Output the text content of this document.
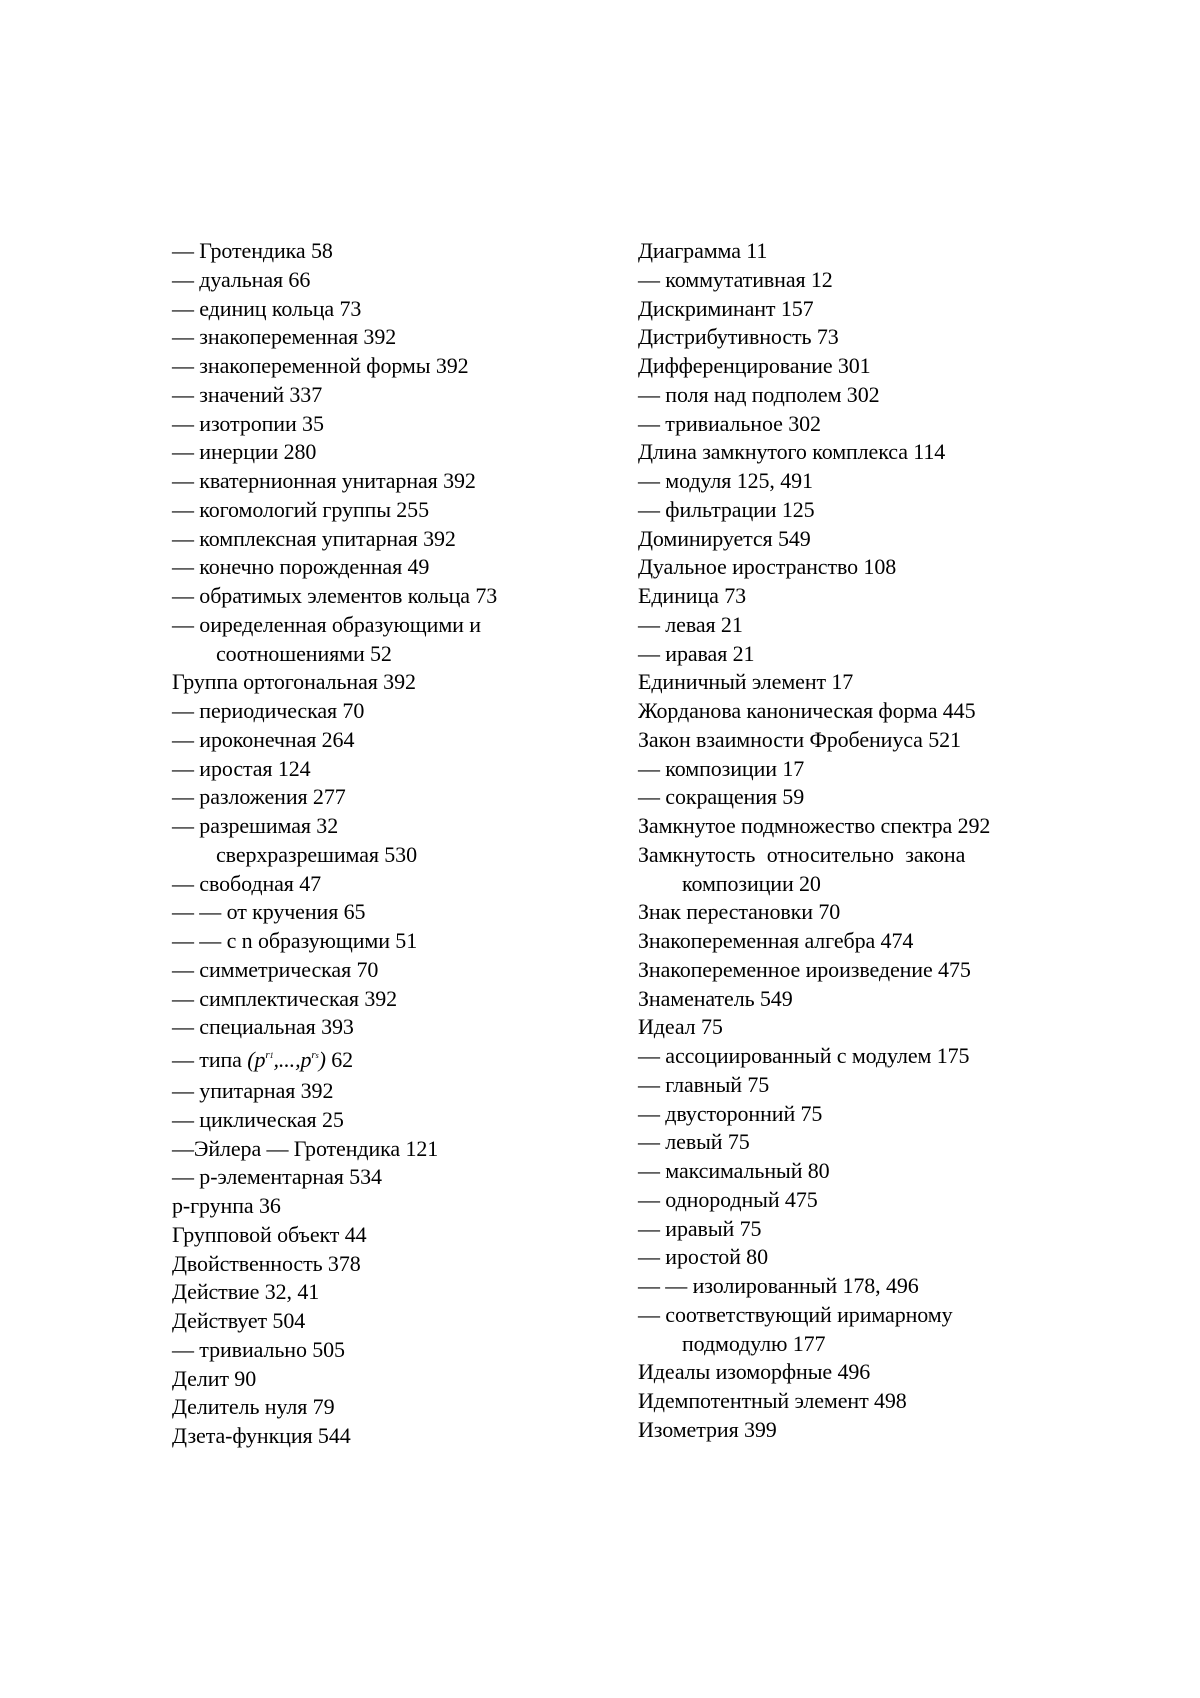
— Гротендика 58
— дуальная 66
— единиц кольца 73
— знакопеременная 392
— знакопеременной формы 392
— значений 337
— изотропии 35
— инерции 280
— кватернионная унитарная 392
— когомологий группы 255
— комплексная упитарная 392
— конечно порожденная 49
— обратимых элементов кольца 73
— оиределенная образующими и
соотношениями 52
Группа ортогональная 392
— периодическая 70
— ироконечная 264
— иростая 124
— разложения 277
— разрешимая 32
сверхразрешимая 530
— свободная 47
— — от кручения 65
— — с n образующими 51
— симметрическая 70
— симплектическая 392
— специальная 393
— типа $(p^{r1},...,p^{rs})$ 62
— упитарная 392
— циклическая 25
—Эйлера — Гротендика 121
— р-элементарная 534
р-грунпа 36
Групповой объект 44
Двойственность 378
Действие 32, 41
Действует 504
— тривиально 505
Делит 90
Делитель нуля 79
Дзета-функция 544
Диаграмма 11
— коммутативная 12
Дискриминант 157
Дистрибутивность 73
Дифференцирование 301
— поля над подполем 302
— тривиальное 302
Длина замкнутого комплекса 114
— модуля 125, 491
— фильтрации 125
Доминируется 549
Дуальное иространство 108
Единица 73
— левая 21
— иравая 21
Единичный элемент 17
Жорданова каноническая форма 445
Закон взаимности Фробениуса 521
— композиции 17
— сокращения 59
Замкнутое подмножество спектра 292
Замкнутость относительно закона
композиции 20
Знак перестановки 70
Знакопеременная алгебра 474
Знакопеременное ироизведение 475
Знаменатель 549
Идеал 75
— ассоциированный с модулем 175
— главный 75
— двусторонний 75
— левый 75
— максимальный 80
— однородный 475
— иравый 75
— иростой 80
— — изолированный 178, 496
— соответствующий иримарному
подмодулю 177
Идеалы изоморфные 496
Идемпотентный элемент 498
Изометрия 399
